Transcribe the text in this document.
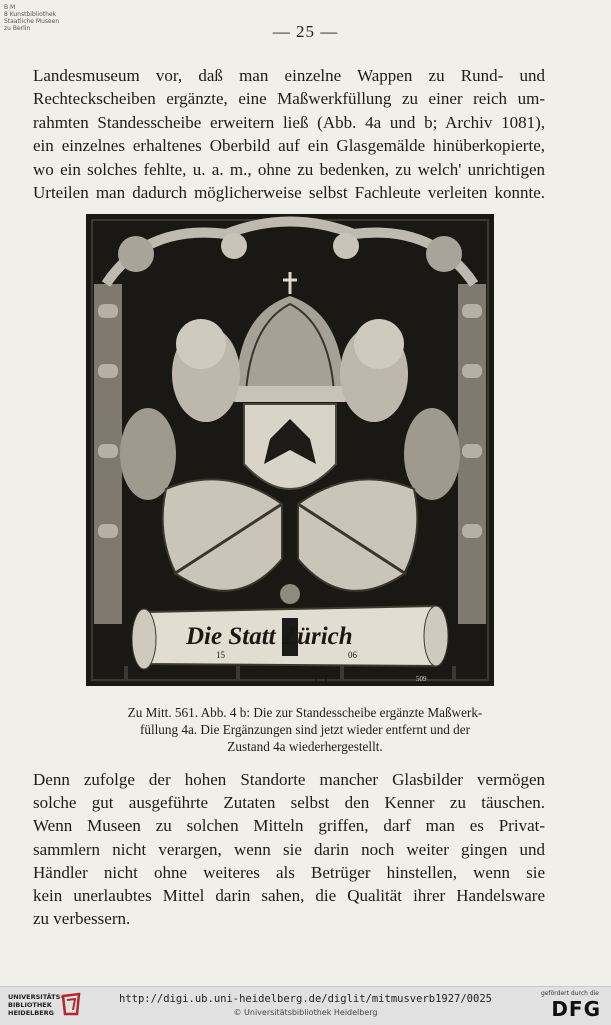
B M
8 Kunstbibliothek
Staatliche Museen
zu Berlin	— 25 —
Landesmuseum vor, daß man einzelne Wappen zu Rund- und
Rechteckscheiben ergänzte, eine Maßwerkfüllung zu einer reich um-
rahmten Standesscheibe erweitern ließ (Abb. 4a und b; Archiv 1081),
ein einzelnes erhaltenes Oberbild auf ein Glasgemälde hinüberkopierte,
wo ein solches fehlte, u. a. m., ohne zu bedenken, zu welch' unrichtigen
Urteilen man dadurch möglicherweise selbst Fachleute verleiten konnte.
Die Statt Zürich
15	06
509
Zu Mitt. 561. Abb. 4 b: Die zur Standesscheibe ergänzte Maßwerk-
füllung 4a. Die Ergänzungen sind jetzt wieder entfernt und der
Zustand 4a wiederhergestellt.
Denn zufolge der hohen Standorte mancher Glasbilder vermögen
solche gut ausgeführte Zutaten selbst den Kenner zu täuschen.
Wenn Museen zu solchen Mitteln griffen, darf man es Privat-
sammlern nicht verargen, wenn sie darin noch weiter gingen und
Händler nicht ohne weiteres als Betrüger hinstellen, wenn sie
kein unerlaubtes Mittel darin sahen, die Qualität ihrer Handelsware
zu verbessern.
UNIVERSITÄTS-
BIBLIOTHEK
HEIDELBERG
http://digi.ub.uni-heidelberg.de/diglit/mitmusverb1927/0025
© Universitätsbibliothek Heidelberg
gefördert durch die
DFG
